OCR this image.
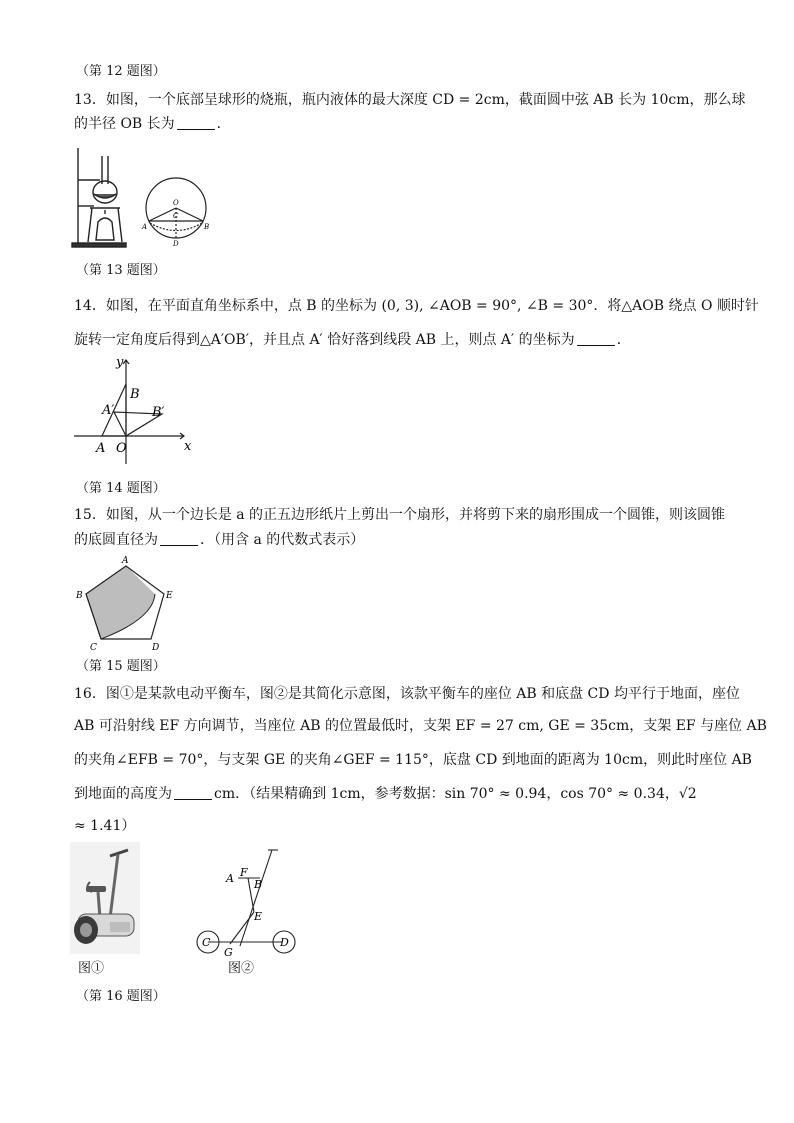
（第 12 题图）
13．如图，一个底部呈球形的烧瓶，瓶内液体的最大深度 CD = 2cm，截面圆中弦 AB 长为 10cm，那么球
的半径 OB 长为	．
O
C
A	B
D
（第 13 题图）
14．如图，在平面直角坐标系中，点 B 的坐标为 (0, 3), ∠AOB = 90°, ∠B = 30°．将△AOB 绕点 O 顺时针
旋转一定角度后得到△A′OB′，并且点 A′ 恰好落到线段 AB 上，则点 A′ 的坐标为	．
y
x
B
A′	B′
A O
（第 14 题图）
15．如图，从一个边长是 a 的正五边形纸片上剪出一个扇形，并将剪下来的扇形围成一个圆锥，则该圆锥
的底圆直径为	．（用含 a 的代数式表示）
A
B	E
C	D
（第 15 题图）
16．图①是某款电动平衡车，图②是其简化示意图，该款平衡车的座位 AB 和底盘 CD 均平行于地面，座位
AB 可沿射线 EF 方向调节，当座位 AB 的位置最低时，支架 EF = 27 cm, GE = 35cm，支架 EF 与座位 AB
的夹角∠EFB = 70°，与支架 GE 的夹角∠GEF = 115°，底盘 CD 到地面的距离为 10cm，则此时座位 AB
到地面的高度为	cm．（结果精确到 1cm，参考数据：sin 70° ≈ 0.94，cos 70° ≈ 0.34，√2
≈ 1.41）
图①
A F
B
E
C
G
D
图②
（第 16 题图）
